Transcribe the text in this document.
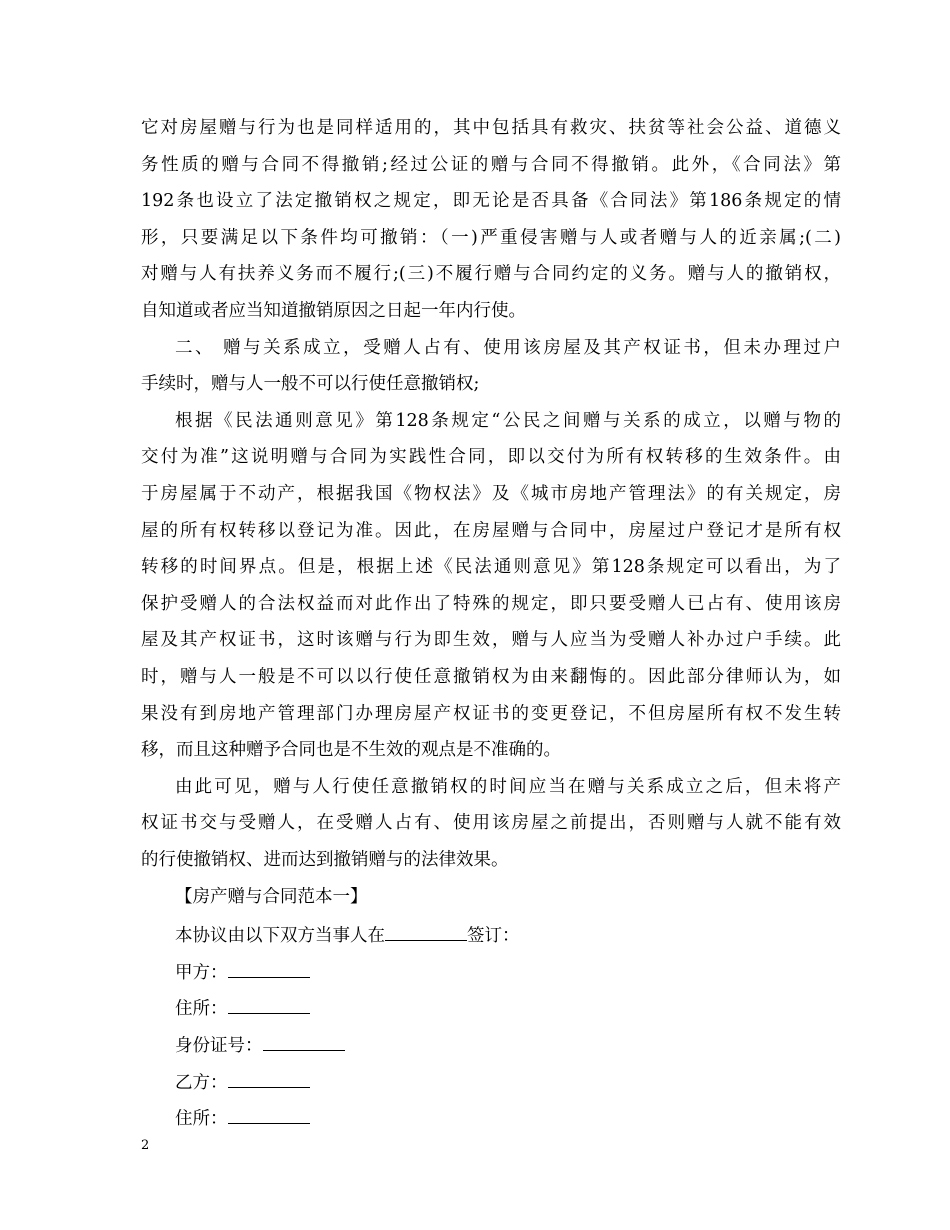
它对房屋赠与行为也是同样适用的，其中包括具有救灾、扶贫等社会公益、道德义
务性质的赠与合同不得撤销;经过公证的赠与合同不得撤销。此外，《合同法》第
192条也设立了法定撤销权之规定，即无论是否具备《合同法》第186条规定的情
形，只要满足以下条件均可撤销：（一)严重侵害赠与人或者赠与人的近亲属;(二)
对赠与人有扶养义务而不履行;(三)不履行赠与合同约定的义务。赠与人的撤销权，
自知道或者应当知道撤销原因之日起一年内行使。
二、 赠与关系成立，受赠人占有、使用该房屋及其产权证书，但未办理过户
手续时，赠与人一般不可以行使任意撤销权;
根据《民法通则意见》第128条规定“公民之间赠与关系的成立，以赠与物的
交付为准”这说明赠与合同为实践性合同，即以交付为所有权转移的生效条件。由
于房屋属于不动产，根据我国《物权法》及《城市房地产管理法》的有关规定，房
屋的所有权转移以登记为准。因此，在房屋赠与合同中，房屋过户登记才是所有权
转移的时间界点。但是，根据上述《民法通则意见》第128条规定可以看出，为了
保护受赠人的合法权益而对此作出了特殊的规定，即只要受赠人已占有、使用该房
屋及其产权证书，这时该赠与行为即生效，赠与人应当为受赠人补办过户手续。此
时，赠与人一般是不可以以行使任意撤销权为由来翻悔的。因此部分律师认为，如
果没有到房地产管理部门办理房屋产权证书的变更登记，不但房屋所有权不发生转
移，而且这种赠予合同也是不生效的观点是不准确的。
由此可见，赠与人行使任意撤销权的时间应当在赠与关系成立之后，但未将产
权证书交与受赠人，在受赠人占有、使用该房屋之前提出，否则赠与人就不能有效
的行使撤销权、进而达到撤销赠与的法律效果。
【房产赠与合同范本一】
本协议由以下双方当事人在	签订：
甲方：
住所：
身份证号：
乙方：
住所：
2
